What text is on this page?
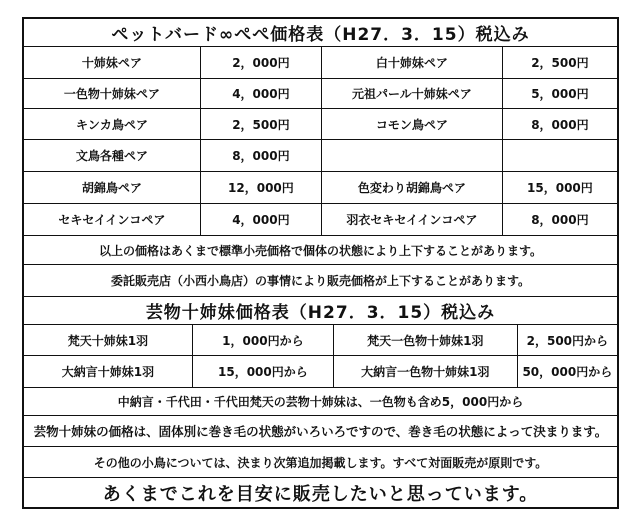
ペットバード∞ぺぺ価格表（H27．3．15）税込み
十姉妹ペア	2，000円	白十姉妹ペア	2，500円
一色物十姉妹ペア	4，000円	元祖パール十姉妹ペア	5，000円
キンカ鳥ペア	2，500円	コモン鳥ペア	8，000円
文鳥各種ペア	8，000円
胡錦鳥ペア	12，000円	色変わり胡錦鳥ペア	15，000円
セキセイインコペア	4，000円	羽衣セキセイインコペア	8，000円
以上の価格はあくまで標準小売価格で個体の状態により上下することがあります。
委託販売店（小西小鳥店）の事情により販売価格が上下することがあります。
芸物十姉妹価格表（H27．3．15）税込み
梵天十姉妹1羽	1，000円から	梵天一色物十姉妹1羽	2，500円から
大納言十姉妹1羽	15，000円から	大納言一色物十姉妹1羽	50，000円から
中納言・千代田・千代田梵天の芸物十姉妹は、一色物も含め5，000円から
芸物十姉妹の価格は、固体別に巻き毛の状態がいろいろですので、巻き毛の状態によって決まります。
その他の小鳥については、決まり次第追加掲載します。すべて対面販売が原則です。
あくまでこれを目安に販売したいと思っています。
